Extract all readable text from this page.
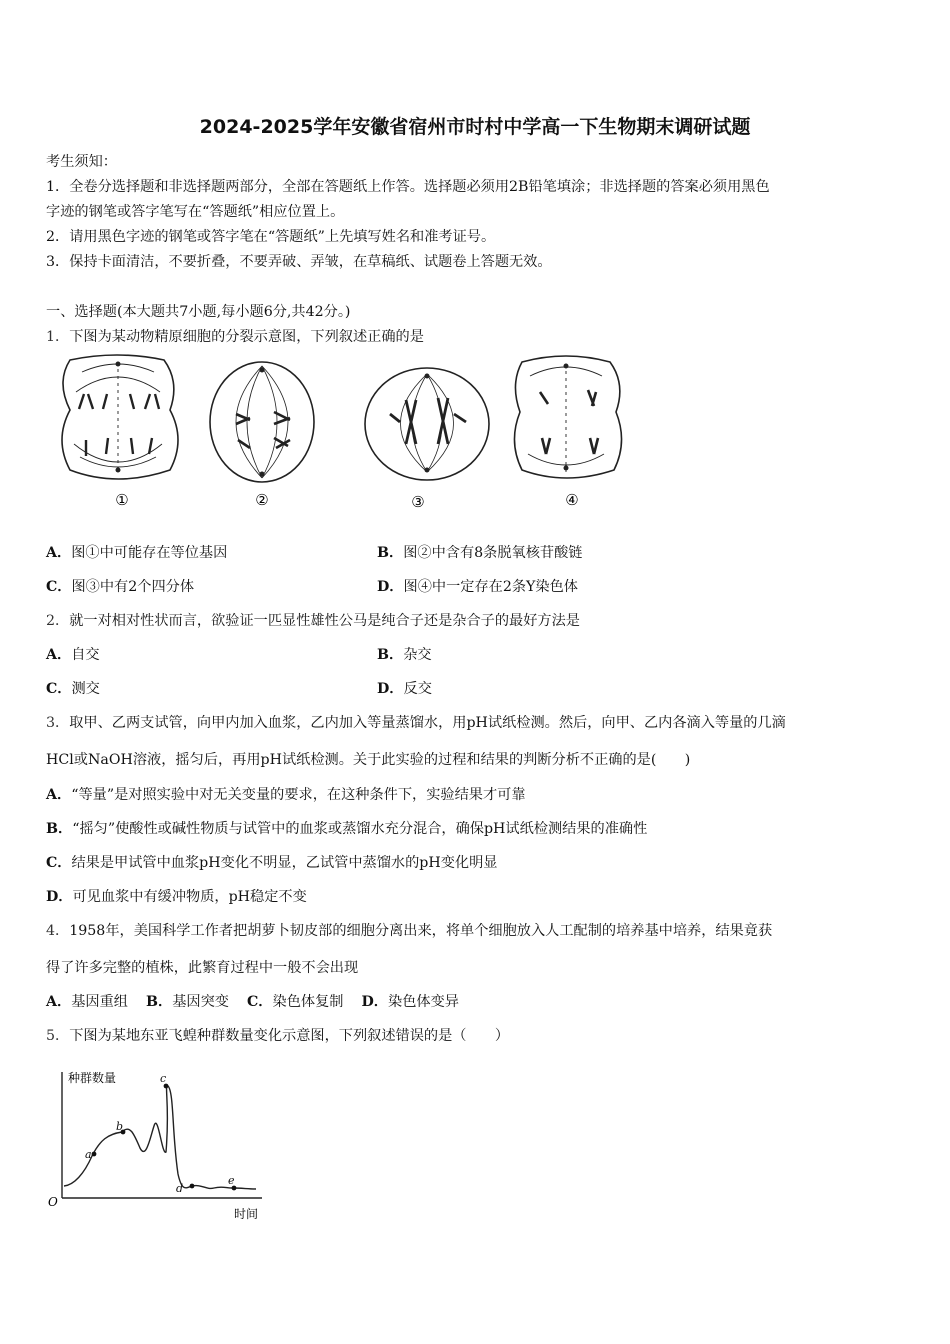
2024-2025学年安徽省宿州市时村中学高一下生物期末调研试题
考生须知：
1．全卷分选择题和非选择题两部分，全部在答题纸上作答。选择题必须用2B铅笔填涂；非选择题的答案必须用黑色
字迹的钢笔或答字笔写在“答题纸”相应位置上。
2．请用黑色字迹的钢笔或答字笔在“答题纸”上先填写姓名和准考证号。
3．保持卡面清洁，不要折叠，不要弄破、弄皱，在草稿纸、试题卷上答题无效。
一、选择题(本大题共7小题,每小题6分,共42分。)
1．下图为某动物精原细胞的分裂示意图，下列叙述正确的是
①	②	③	④
A．图①中可能存在等位基因	B．图②中含有8条脱氧核苷酸链
C．图③中有2个四分体	D．图④中一定存在2条Y染色体
2．就一对相对性状而言，欲验证一匹显性雄性公马是纯合子还是杂合子的最好方法是
A．自交	B．杂交
C．测交	D．反交
3．取甲、乙两支试管，向甲内加入血浆，乙内加入等量蒸馏水，用pH试纸检测。然后，向甲、乙内各滴入等量的几滴
HCl或NaOH溶液，摇匀后，再用pH试纸检测。关于此实验的过程和结果的判断分析不正确的是(　　)
A．“等量”是对照实验中对无关变量的要求，在这种条件下，实验结果才可靠
B．“摇匀”使酸性或碱性物质与试管中的血浆或蒸馏水充分混合，确保pH试纸检测结果的准确性
C．结果是甲试管中血浆pH变化不明显，乙试管中蒸馏水的pH变化明显
D．可见血浆中有缓冲物质，pH稳定不变
4．1958年，美国科学工作者把胡萝卜韧皮部的细胞分离出来，将单个细胞放入人工配制的培养基中培养，结果竟获
得了许多完整的植株，此繁育过程中一般不会出现
A．基因重组 B．基因突变 C．染色体复制 D．染色体变异
5．下图为某地东亚飞蝗种群数量变化示意图，下列叙述错误的是（　　）
a
b
c
d
e
种群数量
时间
O
